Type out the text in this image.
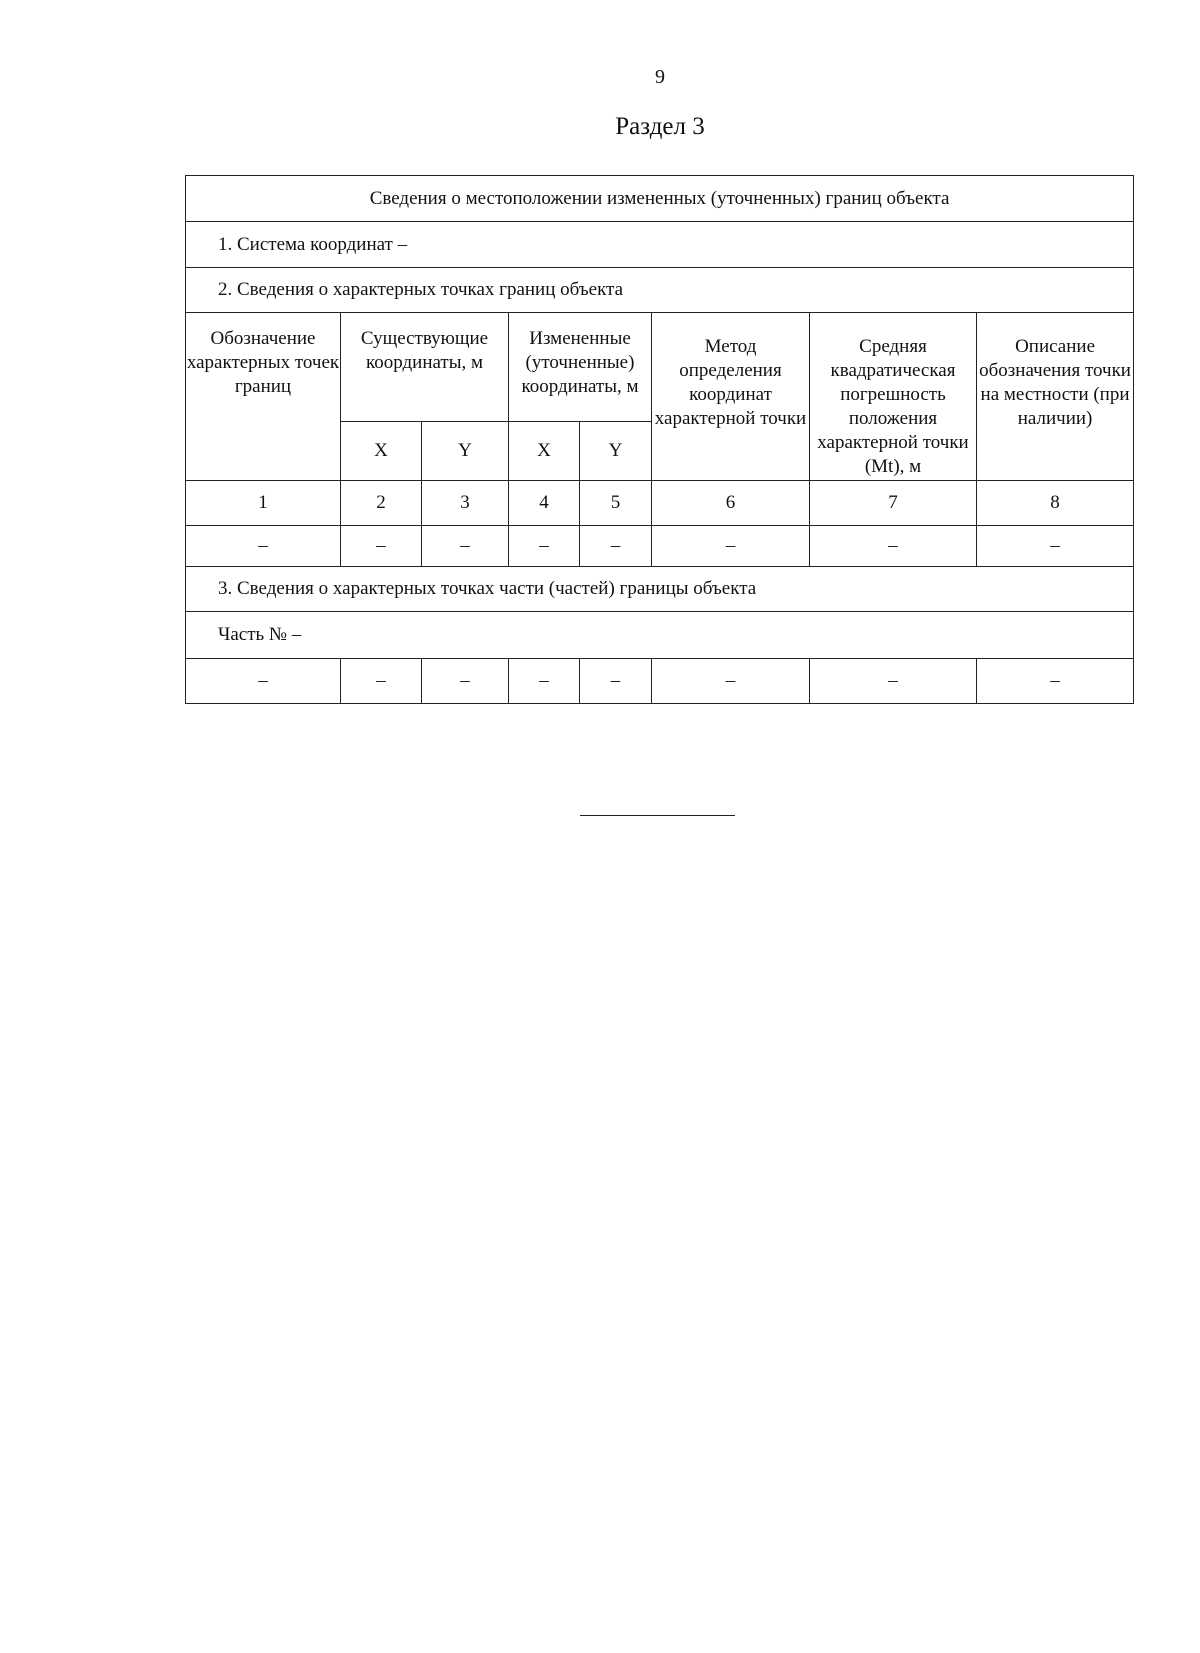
9
Раздел 3
Сведения о местоположении измененных (уточненных) границ объекта							
1. Система координат –							
2. Сведения о характерных точках границ объекта							
Обозначение характерных точек границ	Существующие координаты, м		Измененные (уточненные) координаты, м		Метод определения координат характерной точки	Средняя квадратическая погрешность положения характерной точки (Mt), м	Описание обозначения точки на местности (при наличии)
	X	Y	X	Y			
1	2	3	4	5	6	7	8
–	–	–	–	–	–	–	–
3. Сведения о характерных точках части (частей) границы объекта							
Часть № –							
–	–	–	–	–	–	–	–
